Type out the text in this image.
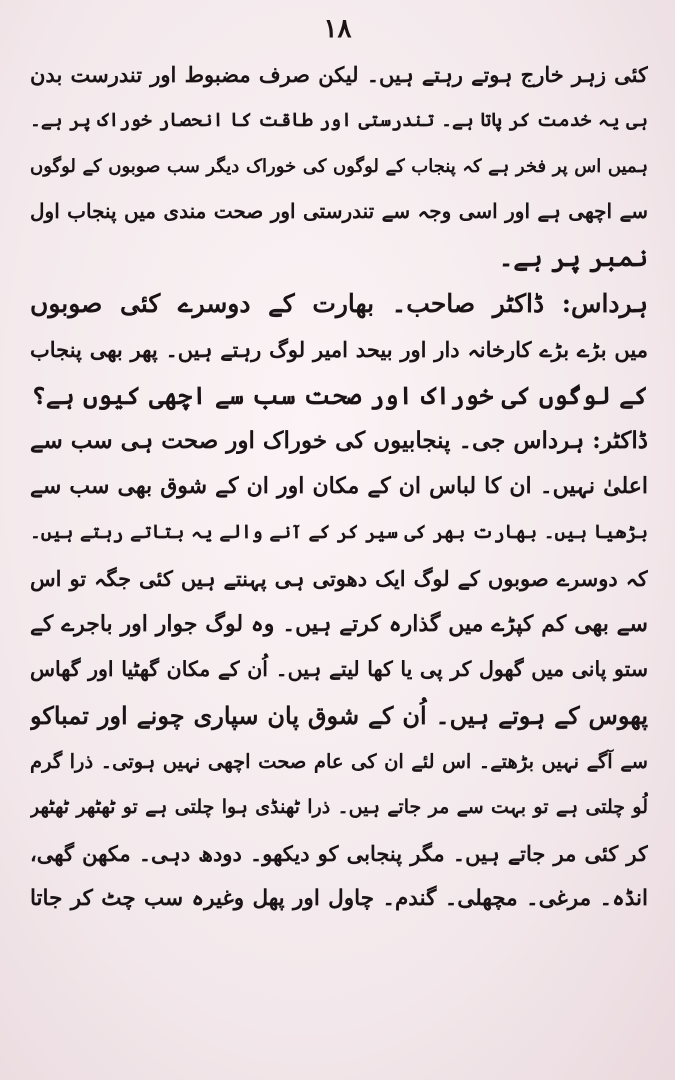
۱۸
کئی زہر خارج ہوتے رہتے ہیں۔ لیکن صرف مضبوط اور تندرست بدن
ہی یہ خدمت کر پاتا ہے۔ تندرستی اور طاقت کا انحصار خوراک پر ہے۔
ہمیں اس پر فخر ہے کہ پنجاب کے لوگوں کی خوراک دیگر سب صوبوں کے لوگوں
سے اچھی ہے اور اسی وجہ سے تندرستی اور صحت مندی میں پنجاب اول
نمبر پر ہے۔
ہرداس: ڈاکٹر صاحب۔ بھارت کے دوسرے کئی صوبوں
میں بڑے بڑے کارخانہ دار اور بیحد امیر لوگ رہتے ہیں۔ پھر بھی پنجاب
کے لوگوں کی خوراک اور صحت سب سے اچھی کیوں ہے؟
ڈاکٹر: ہرداس جی۔ پنجابیوں کی خوراک اور صحت ہی سب سے
اعلیٰ نہیں۔ ان کا لباس ان کے مکان اور ان کے شوق بھی سب سے
بڑھیا ہیں۔ بھارت بھر کی سیر کر کے آنے والے یہ بتاتے رہتے ہیں۔
کہ دوسرے صوبوں کے لوگ ایک دھوتی ہی پہنتے ہیں کئی جگہ تو اس
سے بھی کم کپڑے میں گذارہ کرتے ہیں۔ وہ لوگ جوار اور باجرے کے
ستو پانی میں گھول کر پی یا کھا لیتے ہیں۔ اُن کے مکان گھٹیا اور گھاس
پھوس کے ہوتے ہیں۔ اُن کے شوق پان سپاری چونے اور تمباکو
سے آگے نہیں بڑھتے۔ اس لئے ان کی عام صحت اچھی نہیں ہوتی۔ ذرا گرم
لُو چلتی ہے تو بہت سے مر جاتے ہیں۔ ذرا ٹھنڈی ہوا چلتی ہے تو ٹھٹھر ٹھٹھر
کر کئی مر جاتے ہیں۔ مگر پنجابی کو دیکھو۔ دودھ دہی۔ مکھن گھی،
انڈہ۔ مرغی۔ مچھلی۔ گندم۔ چاول اور پھل وغیرہ سب چٹ کر جاتا
